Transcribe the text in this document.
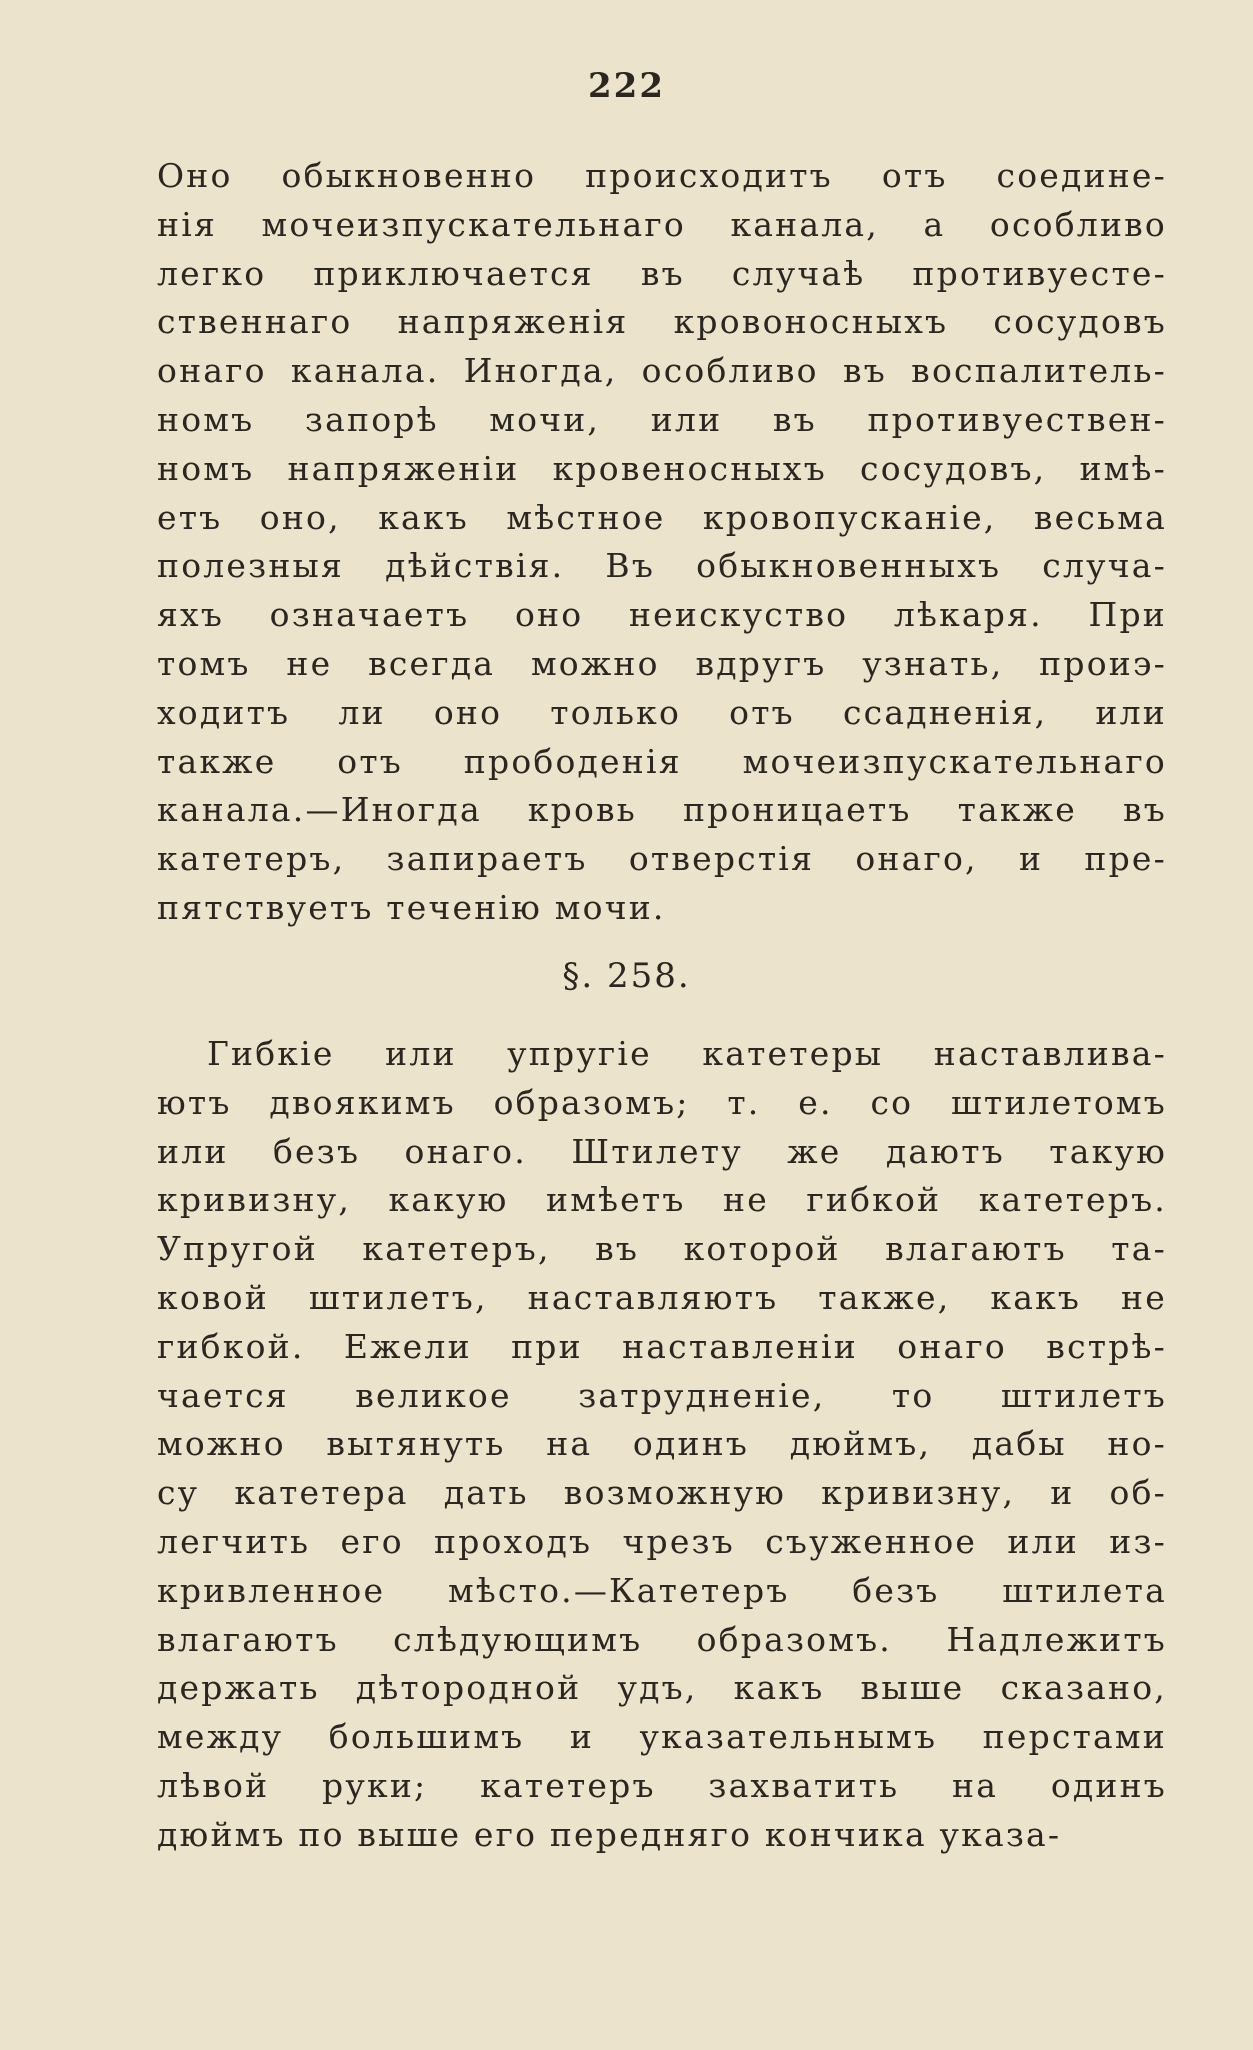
222
Оно обыкновенно происходитъ отъ соедине-
нія мочеизпускательнаго канала, а особливо
легко приключается въ случаѣ противуесте-
ственнаго напряженія кровоносныхъ сосудовъ
онаго канала. Иногда, особливо въ воспалитель-
номъ запорѣ мочи, или въ противуествен-
номъ напряженіи кровеносныхъ сосудовъ, имѣ-
етъ оно, какъ мѣстное кровопусканіе, весьма
полезныя дѣйствія. Въ обыкновенныхъ случа-
яхъ означаетъ оно неискуство лѣкаря. При
томъ не всегда можно вдругъ узнать, проиэ-
ходитъ ли оно только отъ ссадненія, или
также отъ прободенія мочеизпускательнаго
канала.—Иногда кровь проницаетъ также въ
катетеръ, запираетъ отверстія онаго, и пре-
пятствуетъ теченію мочи.
§. 258.
Гибкіе или упругіе катетеры наставлива-
ютъ двоякимъ образомъ; т. е. со штилетомъ
или безъ онаго. Штилету же даютъ такую
кривизну, какую имѣетъ не гибкой катетеръ.
Упругой катетеръ, въ которой влагаютъ та-
ковой штилетъ, наставляютъ также, какъ не
гибкой. Ежели при наставленіи онаго встрѣ-
чается великое затрудненіе, то штилетъ
можно вытянуть на одинъ дюймъ, дабы но-
су катетера дать возможную кривизну, и об-
легчить его проходъ чрезъ съуженное или из-
кривленное мѣсто.—Катетеръ безъ штилета
влагаютъ слѣдующимъ образомъ. Надлежитъ
держать дѣтородной удъ, какъ выше сказано,
между большимъ и указательнымъ перстами
лѣвой руки; катетеръ захватить на одинъ
дюймъ по выше его передняго кончика указа-
